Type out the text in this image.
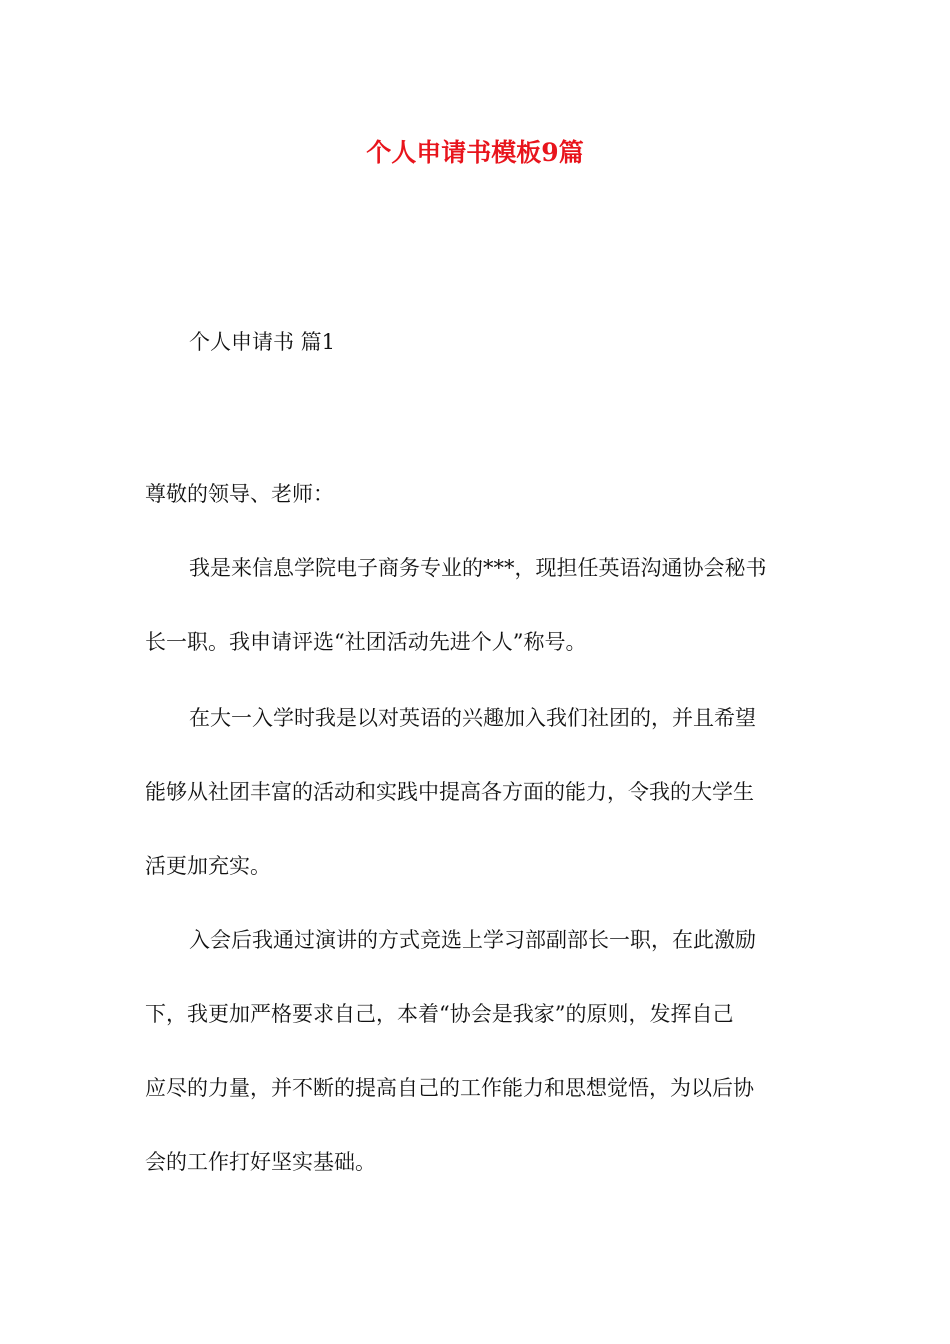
个人申请书模板9篇

个人申请书 篇1

尊敬的领导、老师：

我是来信息学院电子商务专业的***，现担任英语沟通协会秘书
长一职。我申请评选“社团活动先进个人”称号。
在大一入学时我是以对英语的兴趣加入我们社团的，并且希望
能够从社团丰富的活动和实践中提高各方面的能力，令我的大学生
活更加充实。
入会后我通过演讲的方式竞选上学习部副部长一职，在此激励
下，我更加严格要求自己，本着“协会是我家”的原则，发挥自己
应尽的力量，并不断的提高自己的工作能力和思想觉悟，为以后协
会的工作打好坚实基础。
